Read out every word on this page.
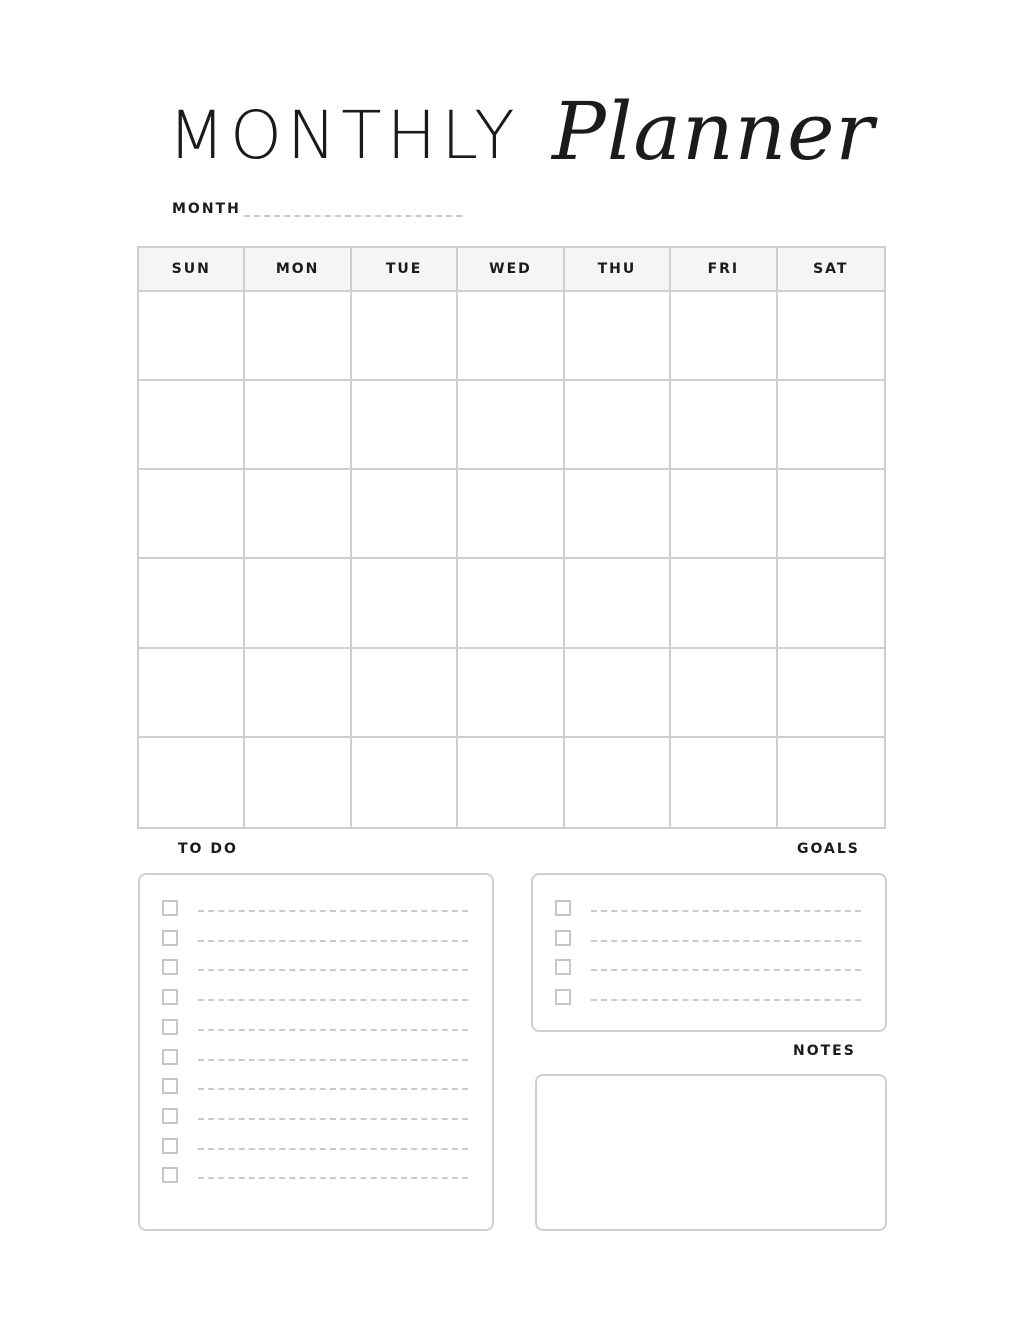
MONTHLY Planner
MONTH
SUN	MON	TUE	WED	THU	FRI	SAT
TO DO	GOALS
NOTES
